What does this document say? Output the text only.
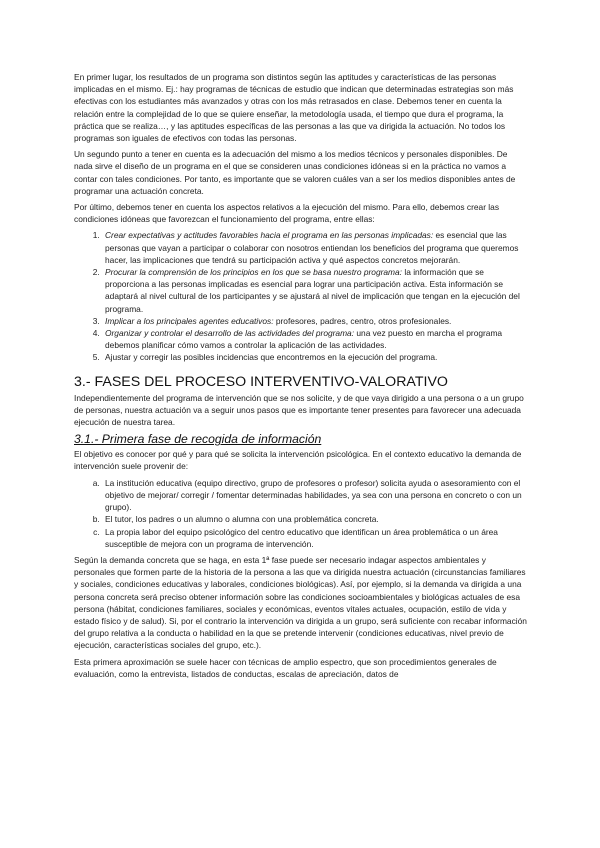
En primer lugar, los resultados de un programa son distintos según las aptitudes y características de las personas implicadas en el mismo. Ej.: hay programas de técnicas de estudio que indican que determinadas estrategias son más efectivas con los estudiantes más avanzados y otras con los más retrasados en clase. Debemos tener en cuenta la relación entre la complejidad de lo que se quiere enseñar, la metodología usada, el tiempo que dura el programa, la práctica que se realiza…, y las aptitudes específicas de las personas a las que va dirigida la actuación. No todos los programas son iguales de efectivos con todas las personas.

Un segundo punto a tener en cuenta es la adecuación del mismo a los medios técnicos y personales disponibles. De nada sirve el diseño de un programa en el que se consideren unas condiciones idóneas si en la práctica no vamos a contar con tales condiciones. Por tanto, es importante que se valoren cuáles van a ser los medios disponibles antes de programar una actuación concreta.

Por último, debemos tener en cuenta los aspectos relativos a la ejecución del mismo. Para ello, debemos crear las condiciones idóneas que favorezcan el funcionamiento del programa, entre ellas:

1. Crear expectativas y actitudes favorables hacia el programa en las personas implicadas: es esencial que las personas que vayan a participar o colaborar con nosotros entiendan los beneficios del programa que queremos hacer, las implicaciones que tendrá su participación activa y qué aspectos concretos mejorarán.
2. Procurar la comprensión de los principios en los que se basa nuestro programa: la información que se proporciona a las personas implicadas es esencial para lograr una participación activa. Esta información se adaptará al nivel cultural de los participantes y se ajustará al nivel de implicación que tengan en la ejecución del programa.
3. Implicar a los principales agentes educativos: profesores, padres, centro, otros profesionales.
4. Organizar y controlar el desarrollo de las actividades del programa: una vez puesto en marcha el programa debemos planificar cómo vamos a controlar la aplicación de las actividades.
5. Ajustar y corregir las posibles incidencias que encontremos en la ejecución del programa.
3.- FASES DEL PROCESO INTERVENTIVO-VALORATIVO

Independientemente del programa de intervención que se nos solicite, y de que vaya dirigido a una persona o a un grupo de personas, nuestra actuación va a seguir unos pasos que es importante tener presentes para favorecer una adecuada ejecución de nuestra tarea.

3.1.- Primera fase de recogida de información

El objetivo es conocer por qué y para qué se solicita la intervención psicológica. En el contexto educativo la demanda de intervención suele provenir de:

a. La institución educativa (equipo directivo, grupo de profesores o profesor) solicita ayuda o asesoramiento con el objetivo de mejorar/ corregir / fomentar determinadas habilidades, ya sea con una persona en concreto o con un grupo).
b. El tutor, los padres o un alumno o alumna con una problemática concreta.
c. La propia labor del equipo psicológico del centro educativo que identifican un área problemática o un área susceptible de mejora con un programa de intervención.

Según la demanda concreta que se haga, en esta 1ª fase puede ser necesario indagar aspectos ambientales y personales que formen parte de la historia de la persona a las que va dirigida nuestra actuación (circunstancias familiares y sociales, condiciones educativas y laborales, condiciones biológicas). Así, por ejemplo, si la demanda va dirigida a una persona concreta será preciso obtener información sobre las condiciones socioambientales y biológicas actuales de esa persona (hábitat, condiciones familiares, sociales y económicas, eventos vitales actuales, ocupación, estilo de vida y estado físico y de salud). Si, por el contrario la intervención va dirigida a un grupo, será suficiente con recabar información del grupo relativa a la conducta o habilidad en la que se pretende intervenir (condiciones educativas, nivel previo de ejecución, características sociales del grupo, etc.).

Esta primera aproximación se suele hacer con técnicas de amplio espectro, que son procedimientos generales de evaluación, como la entrevista, listados de conductas, escalas de apreciación, datos de
